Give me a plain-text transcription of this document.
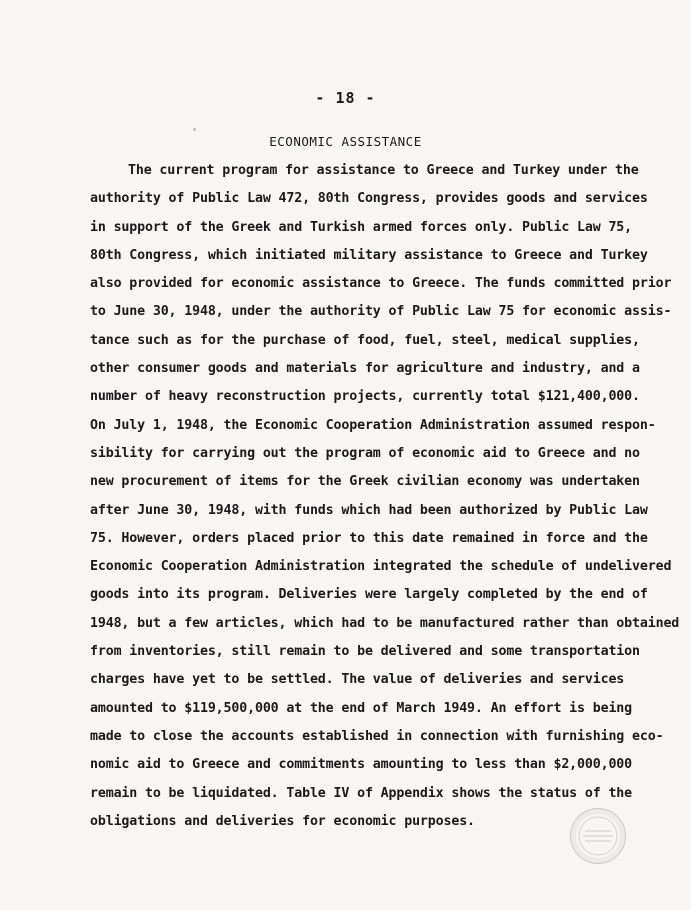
- 18 -
ECONOMIC ASSISTANCE
The current program for assistance to Greece and Turkey under the
authority of Public Law 472, 80th Congress, provides goods and services
in support of the Greek and Turkish armed forces only. Public Law 75,
80th Congress, which initiated military assistance to Greece and Turkey
also provided for economic assistance to Greece. The funds committed prior
to June 30, 1948, under the authority of Public Law 75 for economic assis-
tance such as for the purchase of food, fuel, steel, medical supplies,
other consumer goods and materials for agriculture and industry, and a
number of heavy reconstruction projects, currently total $121,400,000.
On July 1, 1948, the Economic Cooperation Administration assumed respon-
sibility for carrying out the program of economic aid to Greece and no
new procurement of items for the Greek civilian economy was undertaken
after June 30, 1948, with funds which had been authorized by Public Law
75. However, orders placed prior to this date remained in force and the
Economic Cooperation Administration integrated the schedule of undelivered
goods into its program. Deliveries were largely completed by the end of
1948, but a few articles, which had to be manufactured rather than obtained
from inventories, still remain to be delivered and some transportation
charges have yet to be settled. The value of deliveries and services
amounted to $119,500,000 at the end of March 1949. An effort is being
made to close the accounts established in connection with furnishing eco-
nomic aid to Greece and commitments amounting to less than $2,000,000
remain to be liquidated. Table IV of Appendix shows the status of the
obligations and deliveries for economic purposes.
